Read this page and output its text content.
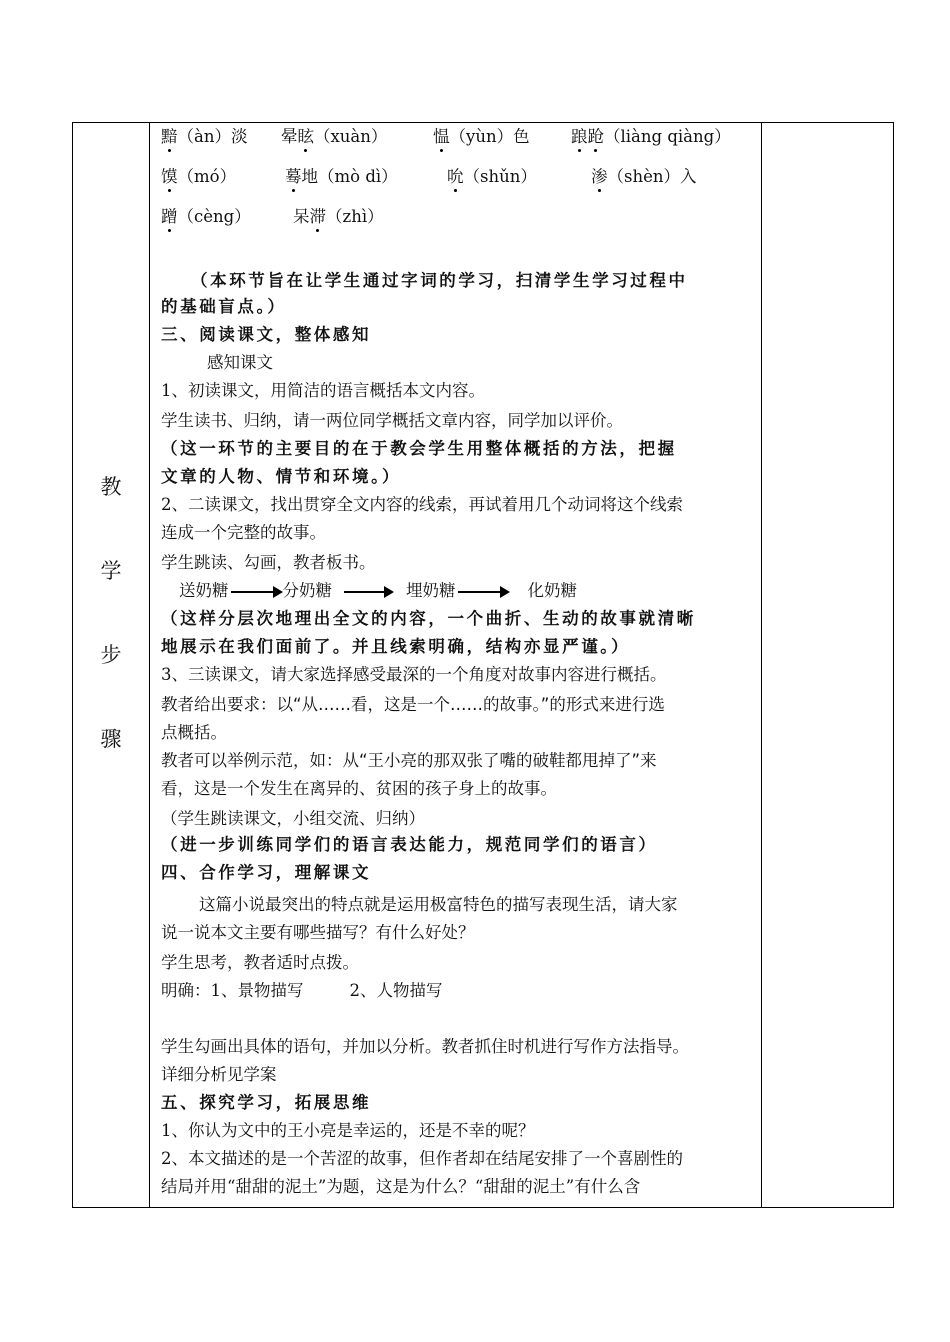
教
学
步
骤
黯（àn）淡 晕眩（xuàn）	愠（yùn）色	踉跄（liàng qiàng）
馍（mó）	蓦地（mò dì）	吮（shǔn）	渗（shèn）入
蹭（cèng）	呆滞（zhì）
（本环节旨在让学生通过字词的学习，扫清学生学习过程中
的基础盲点。）
三、阅读课文，整体感知
感知课文
1、初读课文，用简洁的语言概括本文内容。
学生读书、归纳，请一两位同学概括文章内容，同学加以评价。
（这一环节的主要目的在于教会学生用整体概括的方法，把握
文章的人物、情节和环境。）
2、二读课文，找出贯穿全文内容的线索，再试着用几个动词将这个线索
连成一个完整的故事。
学生跳读、勾画，教者板书。
送奶糖	分奶糖	埋奶糖	化奶糖
（这样分层次地理出全文的内容，一个曲折、生动的故事就清晰
地展示在我们面前了。并且线索明确，结构亦显严谨。）
3、三读课文，请大家选择感受最深的一个角度对故事内容进行概括。
教者给出要求：以“从……看，这是一个……的故事。”的形式来进行选
点概括。
教者可以举例示范，如：从“王小亮的那双张了嘴的破鞋都甩掉了”来
看，这是一个发生在离异的、贫困的孩子身上的故事。
（学生跳读课文，小组交流、归纳）
（进一步训练同学们的语言表达能力，规范同学们的语言）
四、合作学习，理解课文
这篇小说最突出的特点就是运用极富特色的描写表现生活，请大家
说一说本文主要有哪些描写？有什么好处？
学生思考，教者适时点拨。
明确：1、景物描写	2、人物描写
学生勾画出具体的语句，并加以分析。教者抓住时机进行写作方法指导。
详细分析见学案
五、探究学习，拓展思维
1、你认为文中的王小亮是幸运的，还是不幸的呢？
2、本文描述的是一个苦涩的故事，但作者却在结尾安排了一个喜剧性的
结局并用“甜甜的泥土”为题，这是为什么？“甜甜的泥土”有什么含
